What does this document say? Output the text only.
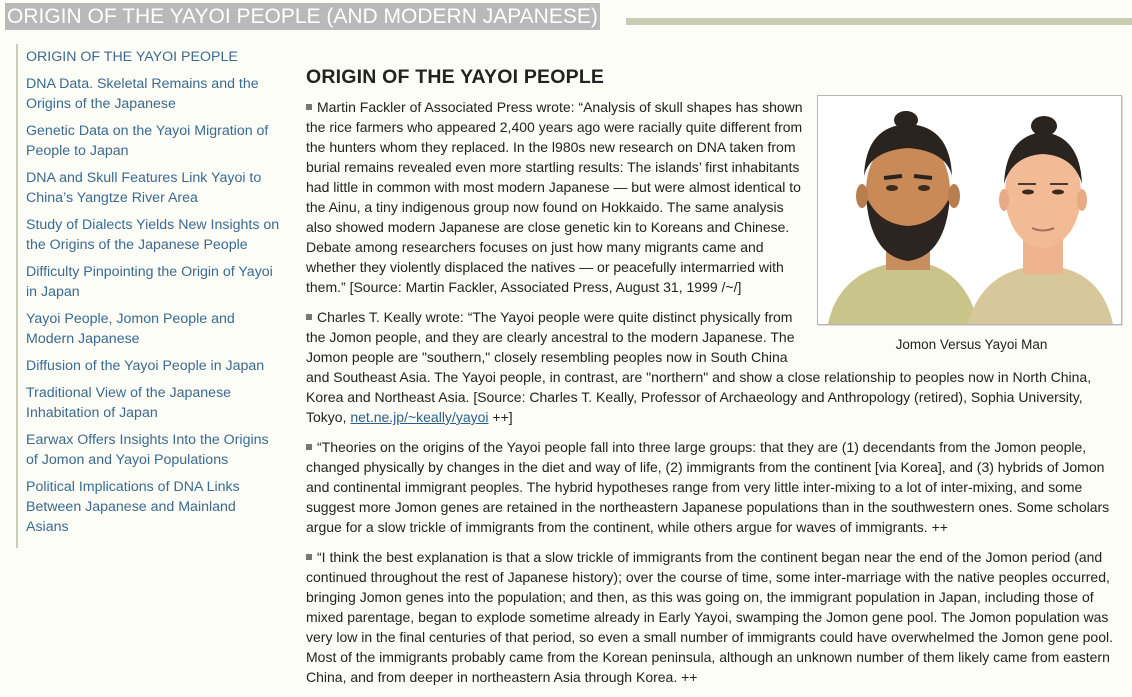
ORIGIN OF THE YAYOI PEOPLE (AND MODERN JAPANESE)
ORIGIN OF THE YAYOI PEOPLE
DNA Data. Skeletal Remains and the Origins of the Japanese
Genetic Data on the Yayoi Migration of People to Japan
DNA and Skull Features Link Yayoi to China’s Yangtze River Area
Study of Dialects Yields New Insights on the Origins of the Japanese People
Difficulty Pinpointing the Origin of Yayoi in Japan
Yayoi People, Jomon People and Modern Japanese
Diffusion of the Yayoi People in Japan
Traditional View of the Japanese Inhabitation of Japan
Earwax Offers Insights Into the Origins of Jomon and Yayoi Populations
Political Implications of DNA Links Between Japanese and Mainland Asians
ORIGIN OF THE YAYOI PEOPLE
Jomon Versus Yayoi Man

Martin Fackler of Associated Press wrote: “Analysis of skull shapes has shown the rice farmers who appeared 2,400 years ago were racially quite different from the hunters whom they replaced. In the l980s new research on DNA taken from burial remains revealed even more startling results: The islands’ first inhabitants had little in common with most modern Japanese — but were almost identical to the Ainu, a tiny indigenous group now found on Hokkaido. The same analysis also showed modern Japanese are close genetic kin to Koreans and Chinese. Debate among researchers focuses on just how many migrants came and whether they violently displaced the natives — or peacefully intermarried with them.” [Source: Martin Fackler, Associated Press, August 31, 1999 /~/]

Charles T. Keally wrote: “The Yayoi people were quite distinct physically from the Jomon people, and they are clearly ancestral to the modern Japanese. The Jomon people are "southern," closely resembling peoples now in South China and Southeast Asia. The Yayoi people, in contrast, are "northern" and show a close relationship to peoples now in North China, Korea and Northeast Asia. [Source: Charles T. Keally, Professor of Archaeology and Anthropology (retired), Sophia University, Tokyo, net.ne.jp/~keally/yayoi ++]

“Theories on the origins of the Yayoi people fall into three large groups: that they are (1) decendants from the Jomon people, changed physically by changes in the diet and way of life, (2) immigrants from the continent [via Korea], and (3) hybrids of Jomon and continental immigrant peoples. The hybrid hypotheses range from very little inter-mixing to a lot of inter-mixing, and some suggest more Jomon genes are retained in the northeastern Japanese populations than in the southwestern ones. Some scholars argue for a slow trickle of immigrants from the continent, while others argue for waves of immigrants. ++

“I think the best explanation is that a slow trickle of immigrants from the continent began near the end of the Jomon period (and continued throughout the rest of Japanese history); over the course of time, some inter-marriage with the native peoples occurred, bringing Jomon genes into the population; and then, as this was going on, the immigrant population in Japan, including those of mixed parentage, began to explode sometime already in Early Yayoi, swamping the Jomon gene pool. The Jomon population was very low in the final centuries of that period, so even a small number of immigrants could have overwhelmed the Jomon gene pool. Most of the immigrants probably came from the Korean peninsula, although an unknown number of them likely came from eastern China, and from deeper in northeastern Asia through Korea. ++
